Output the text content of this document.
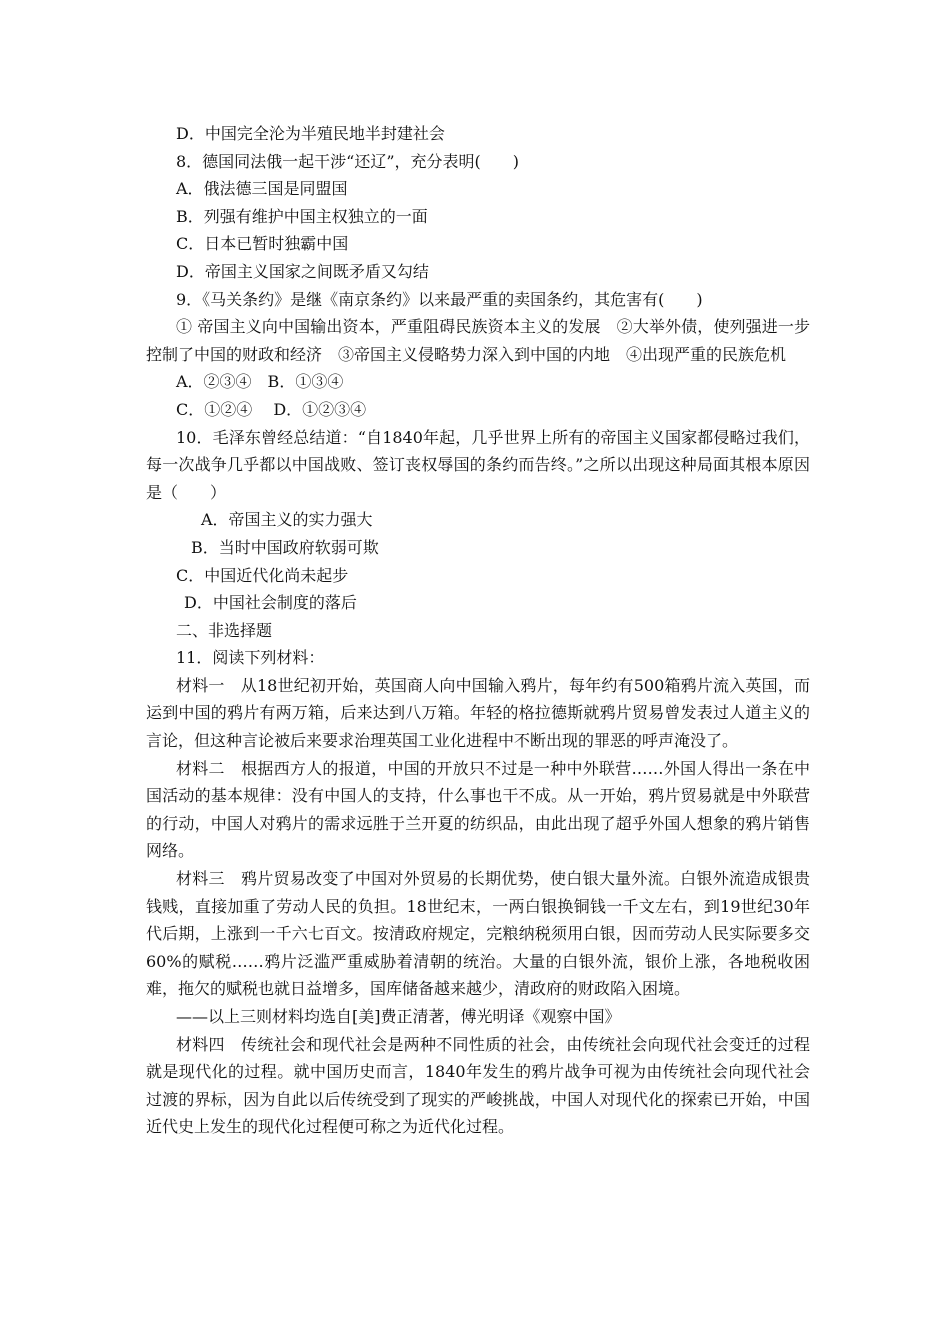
D．中国完全沦为半殖民地半封建社会
8．德国同法俄一起干涉“还辽”，充分表明(　　)
A．俄法德三国是同盟国
B．列强有维护中国主权独立的一面
C．日本已暂时独霸中国
D．帝国主义国家之间既矛盾又勾结
9．《马关条约》是继《南京条约》以来最严重的卖国条约，其危害有(　　)
① 帝国主义向中国输出资本，严重阻碍民族资本主义的发展　②大举外债，使列强进一步控制了中国的财政和经济　③帝国主义侵略势力深入到中国的内地　④出现严重的民族危机
A．②③④　B．①③④
C．①②④　 D．①②③④
10．毛泽东曾经总结道：“自1840年起，几乎世界上所有的帝国主义国家都侵略过我们，每一次战争几乎都以中国战败、签订丧权辱国的条约而告终。”之所以出现这种局面其根本原因是（　　）
A．帝国主义的实力强大
B．当时中国政府软弱可欺
C．中国近代化尚未起步
D．中国社会制度的落后
二、非选择题
11．阅读下列材料：
材料一　从18世纪初开始，英国商人向中国输入鸦片，每年约有500箱鸦片流入英国，而运到中国的鸦片有两万箱，后来达到八万箱。年轻的格拉德斯就鸦片贸易曾发表过人道主义的言论，但这种言论被后来要求治理英国工业化进程中不断出现的罪恶的呼声淹没了。
材料二　根据西方人的报道，中国的开放只不过是一种中外联营……外国人得出一条在中国活动的基本规律：没有中国人的支持，什么事也干不成。从一开始，鸦片贸易就是中外联营的行动，中国人对鸦片的需求远胜于兰开夏的纺织品，由此出现了超乎外国人想象的鸦片销售网络。
材料三　鸦片贸易改变了中国对外贸易的长期优势，使白银大量外流。白银外流造成银贵钱贱，直接加重了劳动人民的负担。18世纪末，一两白银换铜钱一千文左右，到19世纪30年代后期，上涨到一千六七百文。按清政府规定，完粮纳税须用白银，因而劳动人民实际要多交60%的赋税……鸦片泛滥严重威胁着清朝的统治。大量的白银外流，银价上涨，各地税收困难，拖欠的赋税也就日益增多，国库储备越来越少，清政府的财政陷入困境。
——以上三则材料均选自[美]费正清著，傅光明译《观察中国》
材料四　传统社会和现代社会是两种不同性质的社会，由传统社会向现代社会变迁的过程就是现代化的过程。就中国历史而言，1840年发生的鸦片战争可视为由传统社会向现代社会过渡的界标，因为自此以后传统受到了现实的严峻挑战，中国人对现代化的探索已开始，中国近代史上发生的现代化过程便可称之为近代化过程。
